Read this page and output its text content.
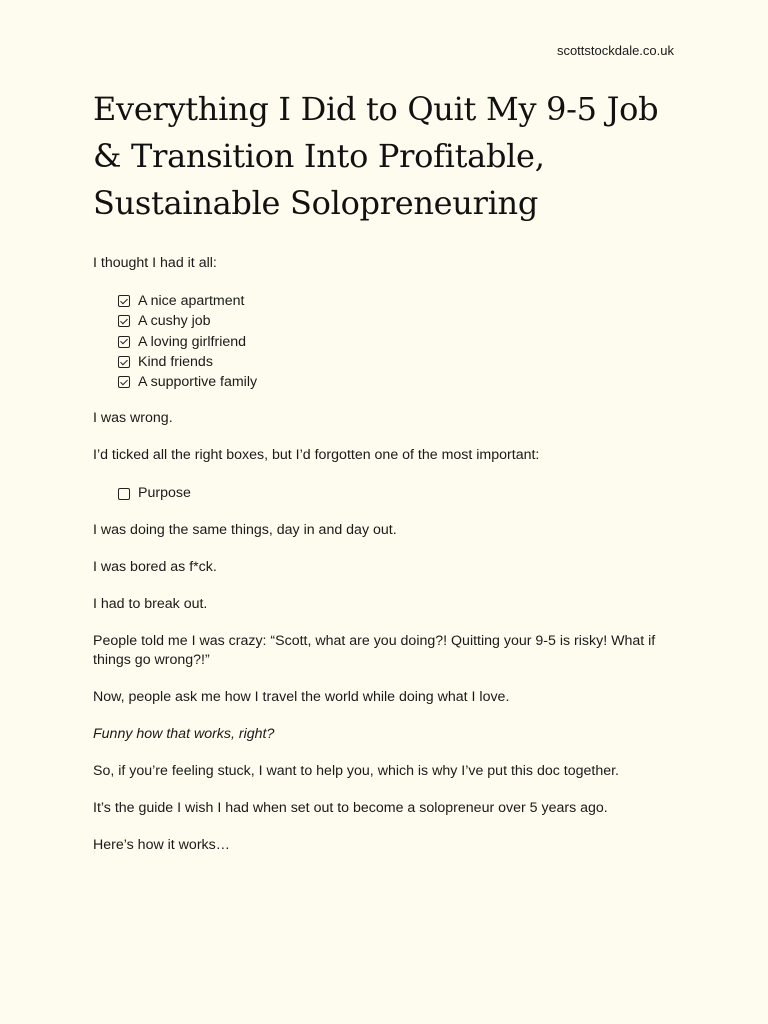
scottstockdale.co.uk
Everything I Did to Quit My 9-5 Job & Transition Into Profitable, Sustainable Solopreneuring

I thought I had it all:

A nice apartment
A cushy job
A loving girlfriend
Kind friends
A supportive family

I was wrong.

I’d ticked all the right boxes, but I’d forgotten one of the most important:

Purpose

I was doing the same things, day in and day out.

I was bored as f*ck.

I had to break out.

People told me I was crazy: “Scott, what are you doing?! Quitting your 9-5 is risky! What if things go wrong?!”

Now, people ask me how I travel the world while doing what I love.

Funny how that works, right?

So, if you’re feeling stuck, I want to help you, which is why I’ve put this doc together.

It’s the guide I wish I had when set out to become a solopreneur over 5 years ago.

Here’s how it works…
